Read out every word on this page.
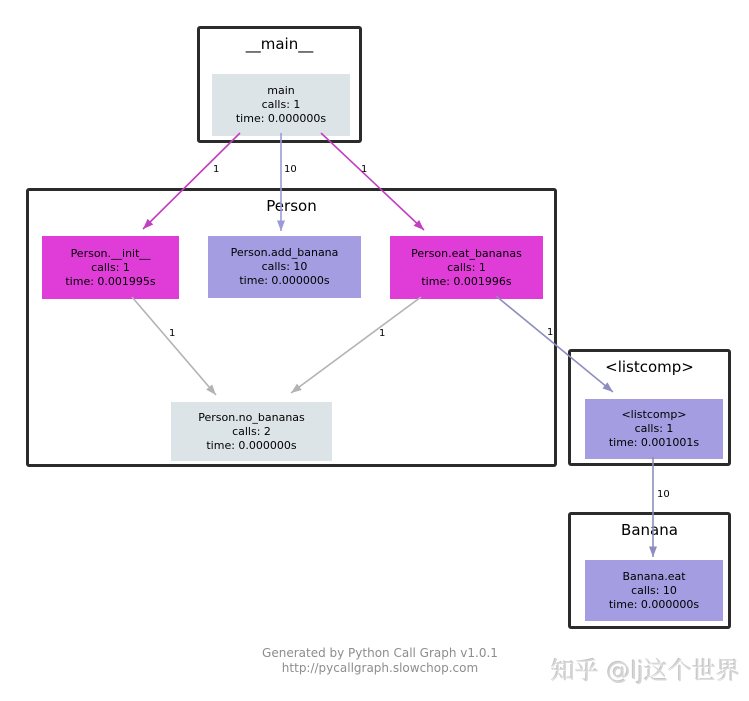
__main__
main
calls: 1
time: 0.000000s
Person
Person.__init__
calls: 1
time: 0.001995s
Person.add_banana
calls: 10
time: 0.000000s
Person.eat_bananas
calls: 1
time: 0.001996s
Person.no_bananas
calls: 2
time: 0.000000s
<listcomp>
<listcomp>
calls: 1
time: 0.001001s
Banana
Banana.eat
calls: 10
time: 0.000000s
1	10	1
1	1	1
10
Generated by Python Call Graph v1.0.1
http://pycallgraph.slowchop.com	知乎 @lj这个世界
